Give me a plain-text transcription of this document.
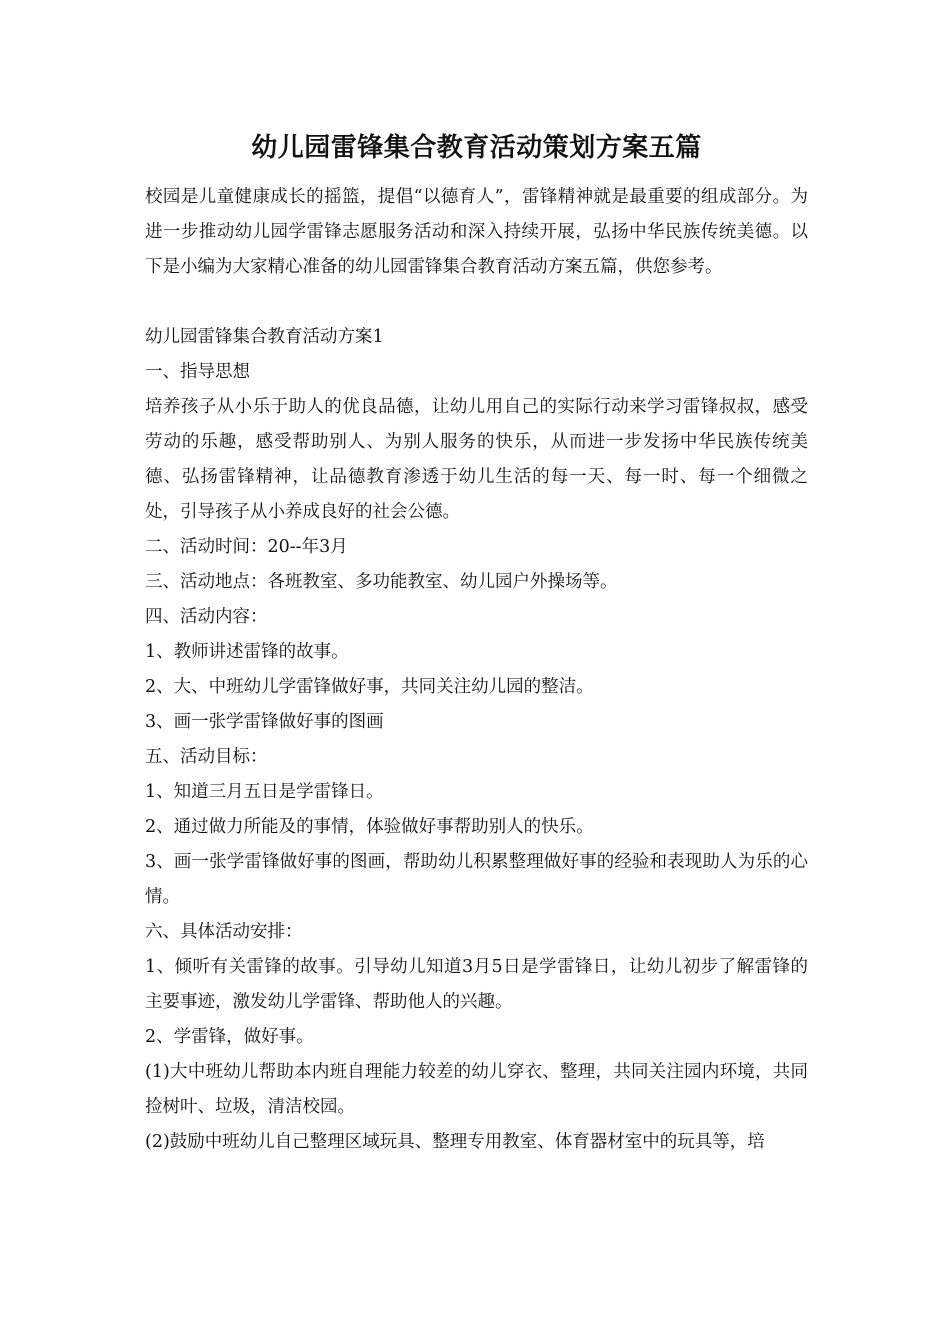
幼儿园雷锋集合教育活动策划方案五篇

校园是儿童健康成长的摇篮，提倡“以德育人”，雷锋精神就是最重要的组成部分。为进一步推动幼儿园学雷锋志愿服务活动和深入持续开展，弘扬中华民族传统美德。以下是小编为大家精心准备的幼儿园雷锋集合教育活动方案五篇，供您参考。

幼儿园雷锋集合教育活动方案1

一、指导思想

培养孩子从小乐于助人的优良品德，让幼儿用自己的实际行动来学习雷锋叔叔，感受劳动的乐趣，感受帮助别人、为别人服务的快乐，从而进一步发扬中华民族传统美德、弘扬雷锋精神，让品德教育渗透于幼儿生活的每一天、每一时、每一个细微之处，引导孩子从小养成良好的社会公德。

二、活动时间：20--年3月

三、活动地点：各班教室、多功能教室、幼儿园户外操场等。

四、活动内容：

1、教师讲述雷锋的故事。

2、大、中班幼儿学雷锋做好事，共同关注幼儿园的整洁。

3、画一张学雷锋做好事的图画

五、活动目标：

1、知道三月五日是学雷锋日。

2、通过做力所能及的事情，体验做好事帮助别人的快乐。

3、画一张学雷锋做好事的图画，帮助幼儿积累整理做好事的经验和表现助人为乐的心情。

六、具体活动安排：

1、倾听有关雷锋的故事。引导幼儿知道3月5日是学雷锋日，让幼儿初步了解雷锋的主要事迹，激发幼儿学雷锋、帮助他人的兴趣。

2、学雷锋，做好事。

(1)大中班幼儿帮助本内班自理能力较差的幼儿穿衣、整理，共同关注园内环境，共同捡树叶、垃圾，清洁校园。

(2)鼓励中班幼儿自己整理区域玩具、整理专用教室、体育器材室中的玩具等，培
